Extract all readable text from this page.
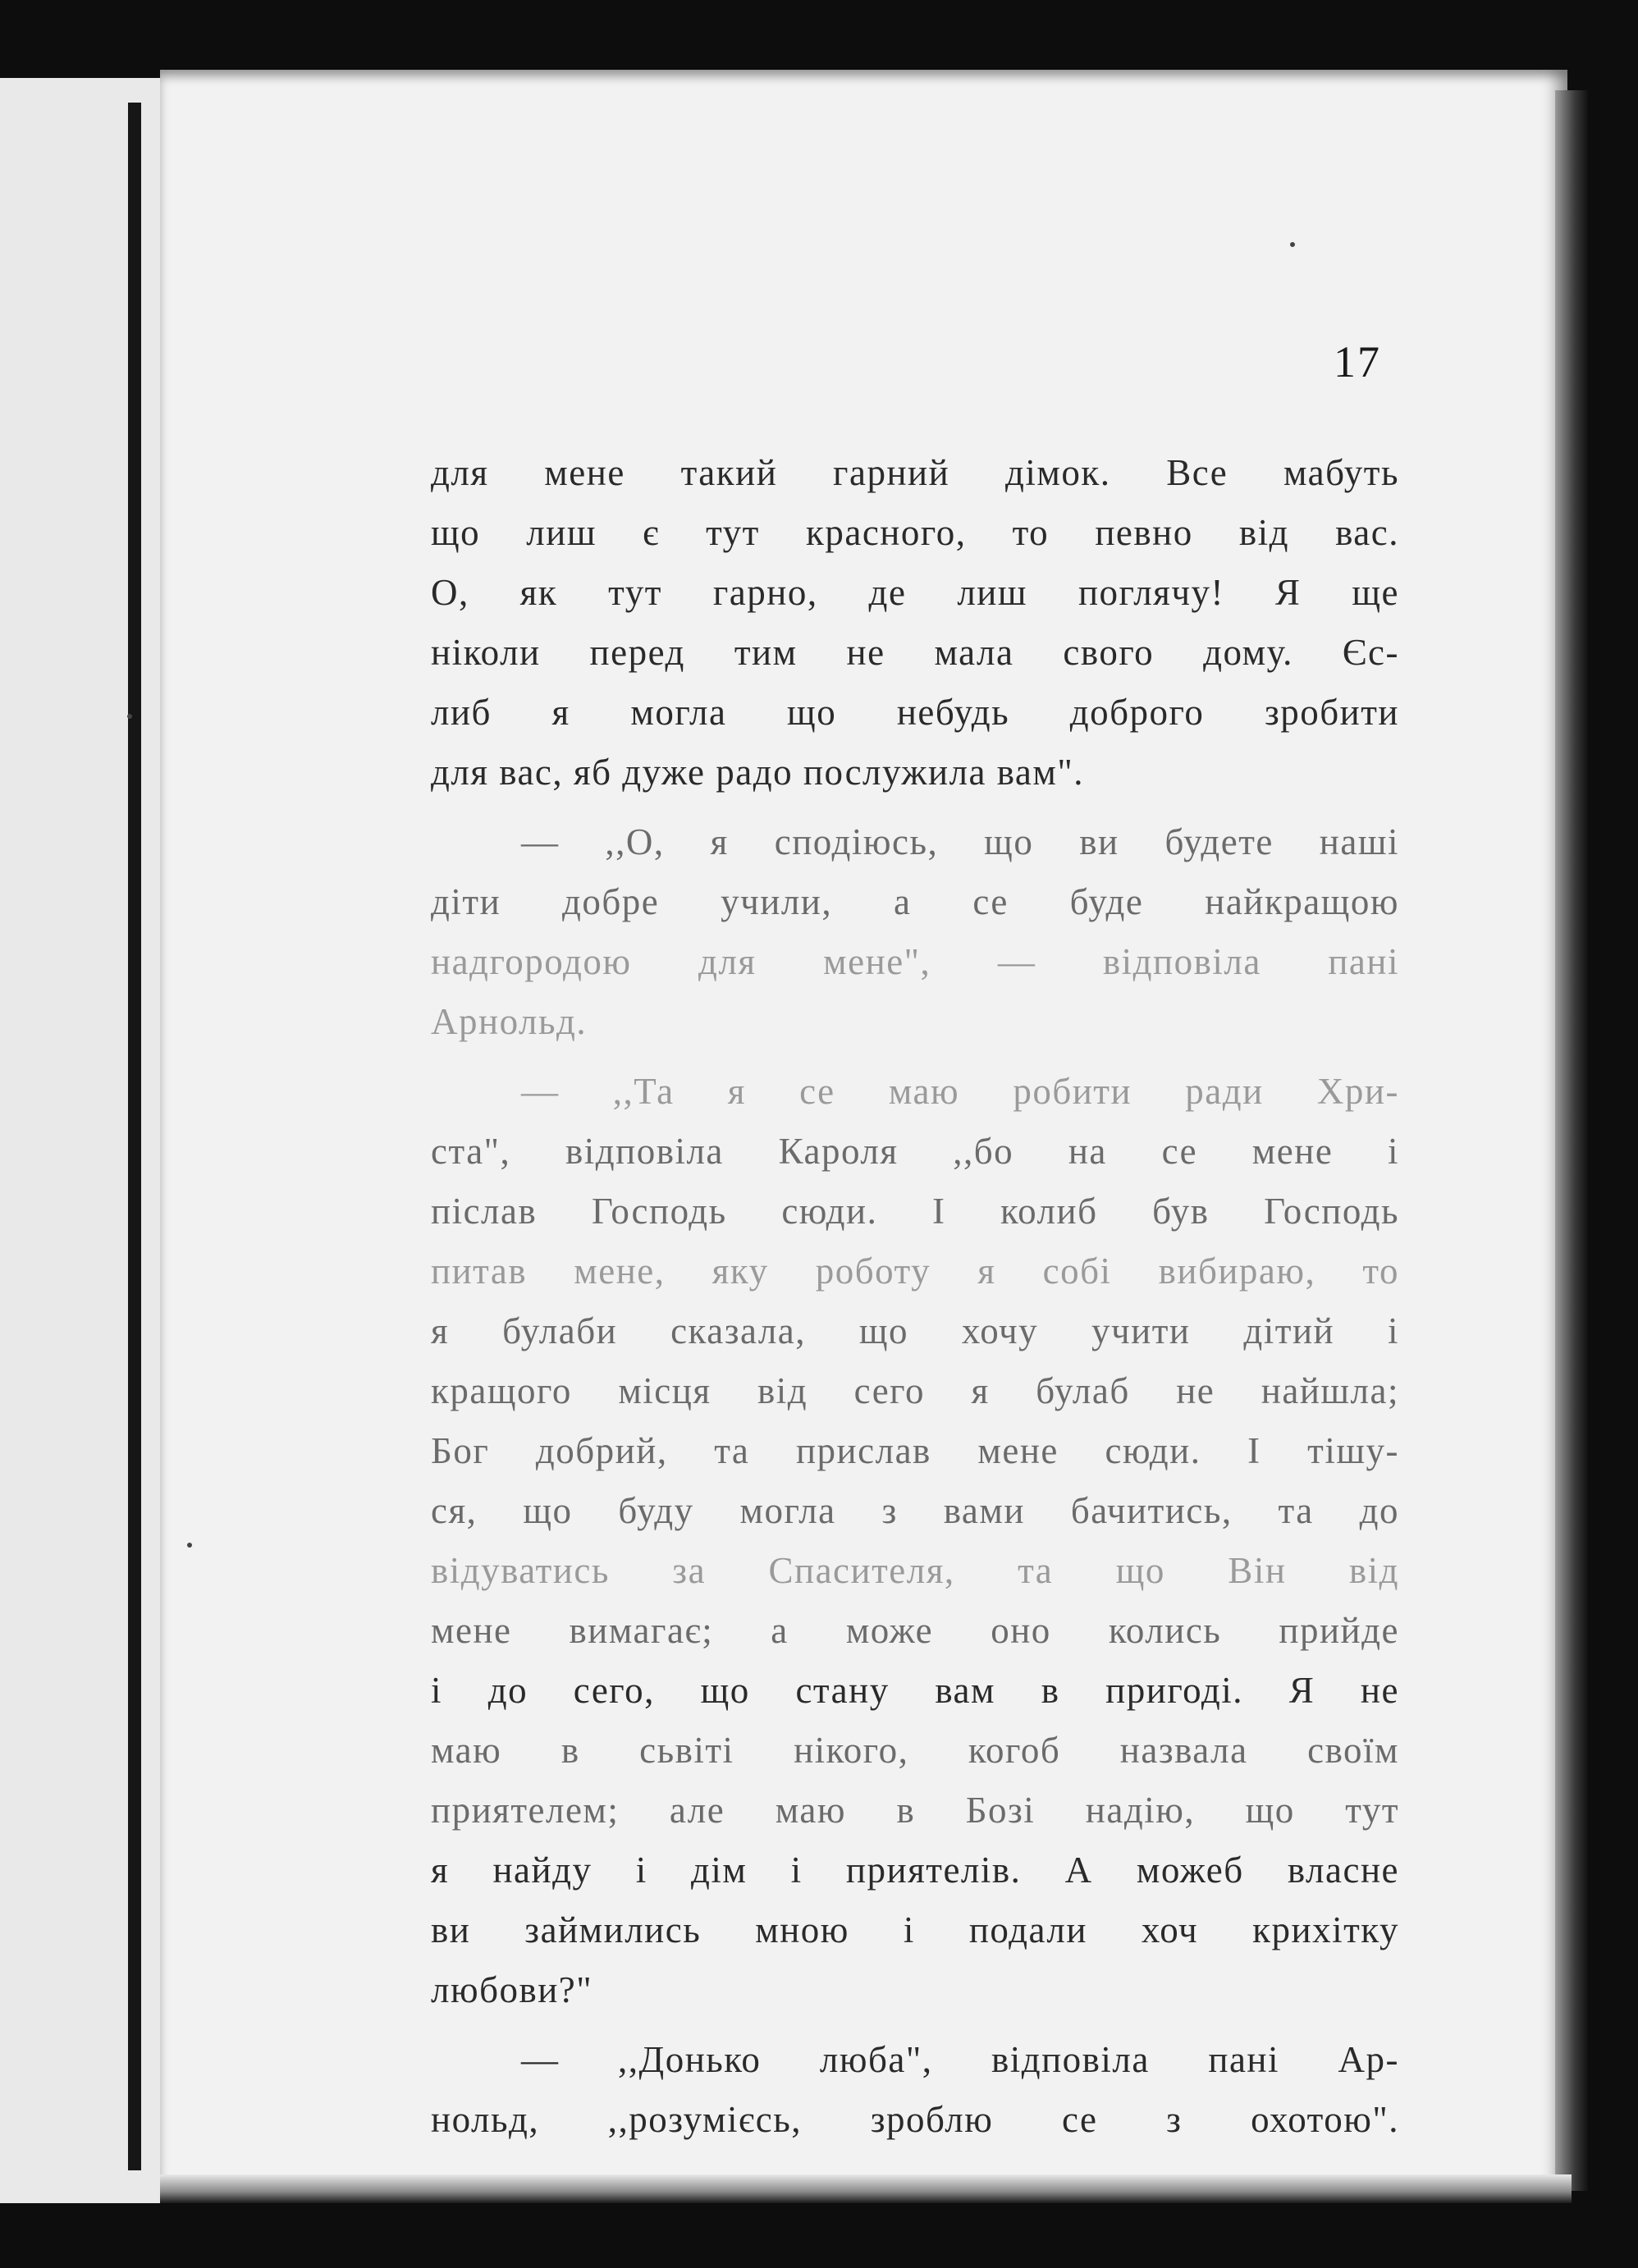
17
для мене такий гарний дімок. Все мабуть
що лиш є тут красного, то певно від вас.
О, як тут гарно, де лиш поглячу! Я ще
ніколи перед тим не мала свого дому. Єс-
либ я могла що небудь доброго зробити
для вас, яб дуже радо послужила вам".
— ,,О, я сподіюсь, що ви будете наші
діти добре учили, а се буде найкращою
надгородою для мене", — відповіла пані
Арнольд.
— ,,Та я се маю робити ради Хри-
ста", відповіла Кароля ,,бо на се мене і
післав Господь сюди. І колиб був Господь
питав мене, яку роботу я собі вибираю, то
я булаби сказала, що хочу учити дітий і
кращого місця від сего я булаб не найшла;
Бог добрий, та прислав мене сюди. І тішу-
ся, що буду могла з вами бачитись, та до
відуватись за Спасителя, та що Він від
мене вимагає; а може оно колись прийде
і до сего, що стану вам в пригоді. Я не
маю в сьвіті нікого, когоб назвала своїм
приятелем; але маю в Бозі надію, що тут
я найду і дім і приятелів. А можеб власне
ви займились мною і подали хоч крихітку
любови?"
— ,,Донько люба", відповіла пані Ар-
нольд, ,,розумієсь, зроблю се з охотою".
